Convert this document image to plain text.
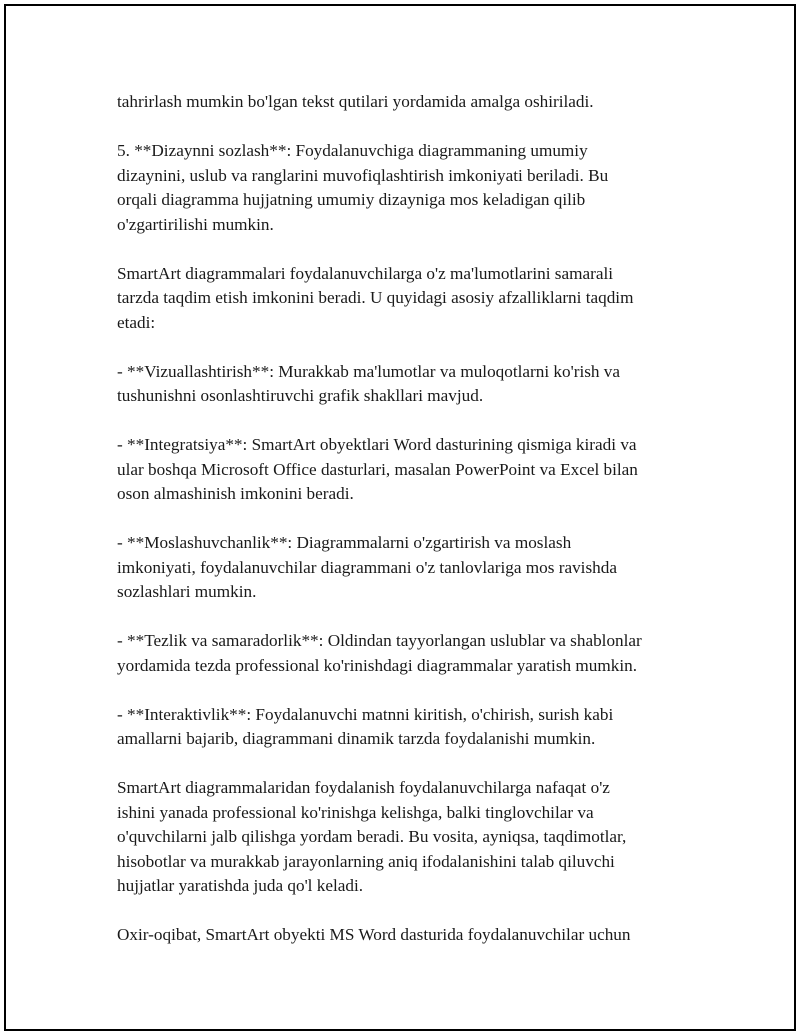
tahrirlash mumkin bo'lgan tekst qutilari yordamida amalga oshiriladi.

5. **Dizaynni sozlash**: Foydalanuvchiga diagrammaning umumiy
dizaynini, uslub va ranglarini muvofiqlashtirish imkoniyati beriladi. Bu
orqali diagramma hujjatning umumiy dizayniga mos keladigan qilib
o'zgartirilishi mumkin.

SmartArt diagrammalari foydalanuvchilarga o'z ma'lumotlarini samarali
tarzda taqdim etish imkonini beradi. U quyidagi asosiy afzalliklarni taqdim
etadi:

- **Vizuallashtirish**: Murakkab ma'lumotlar va muloqotlarni ko'rish va
tushunishni osonlashtiruvchi grafik shakllari mavjud.

- **Integratsiya**: SmartArt obyektlari Word dasturining qismiga kiradi va
ular boshqa Microsoft Office dasturlari, masalan PowerPoint va Excel bilan
oson almashinish imkonini beradi.

- **Moslashuvchanlik**: Diagrammalarni o'zgartirish va moslash
imkoniyati, foydalanuvchilar diagrammani o'z tanlovlariga mos ravishda
sozlashlari mumkin.

- **Tezlik va samaradorlik**: Oldindan tayyorlangan uslublar va shablonlar
yordamida tezda professional ko'rinishdagi diagrammalar yaratish mumkin.

- **Interaktivlik**: Foydalanuvchi matnni kiritish, o'chirish, surish kabi
amallarni bajarib, diagrammani dinamik tarzda foydalanishi mumkin.

SmartArt diagrammalaridan foydalanish foydalanuvchilarga nafaqat o'z
ishini yanada professional ko'rinishga kelishga, balki tinglovchilar va
o'quvchilarni jalb qilishga yordam beradi. Bu vosita, ayniqsa, taqdimotlar,
hisobotlar va murakkab jarayonlarning aniq ifodalanishini talab qiluvchi
hujjatlar yaratishda juda qo'l keladi.

Oxir-oqibat, SmartArt obyekti MS Word dasturida foydalanuvchilar uchun
